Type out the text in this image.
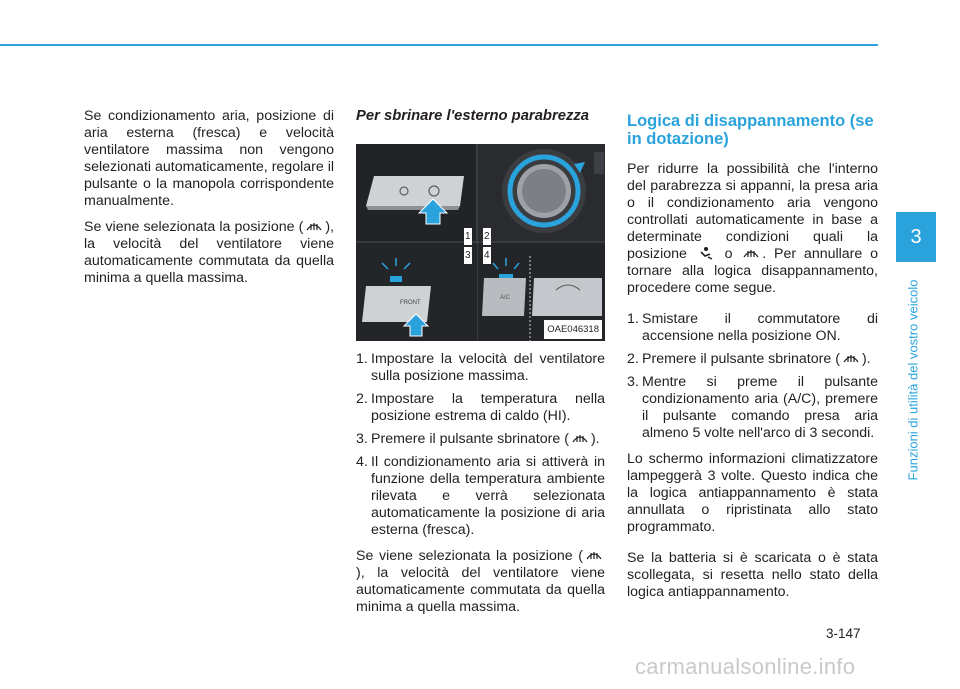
Se condizionamento aria, posizione di aria esterna (fresca) e velocità ventilatore massima non vengono selezionati automaticamente, regolare il pulsante o la manopola corrispondente manualmente.

Se viene selezionata la posizione ( ), la velocità del ventilatore viene automaticamente commutata da quella minima a quella massima.

Per sbrinare l'esterno parabrezza
FRONT
A/C
1 2
3 4
OAE046318
1. Impostare la velocità del ventilatore sulla posizione massima.
2. Impostare la temperatura nella posizione estrema di caldo (HI).
3. Premere il pulsante sbrinatore ( ).
4. Il condizionamento aria si attiverà in funzione della temperatura ambiente rilevata e verrà selezionata automaticamente la posizione di aria esterna (fresca).

Se viene selezionata la posizione (), la velocità del ventilatore viene automaticamente commutata da quella minima a quella massima.

Logica di disappannamento (se in dotazione)

Per ridurre la possibilità che l'interno del parabrezza si appanni, la presa aria o il condizionamento aria vengono controllati automaticamente in base a determinate condizioni quali la posizione  o . Per annullare o tornare alla logica disappannamento, procedere come segue.

1. Smistare il commutatore di accensione nella posizione ON.
2. Premere il pulsante sbrinatore ( ).
3. Mentre si preme il pulsante condizionamento aria (A/C), premere il pulsante comando presa aria almeno 5 volte nell'arco di 3 secondi.

Lo schermo informazioni climatizzatore lampeggerà 3 volte. Questo indica che la logica antiappannamento è stata annullata o ripristinata allo stato programmato.

Se la batteria si è scaricata o è stata scollegata, si resetta nello stato della logica antiappannamento.

3
Funzioni di utilità del vostro veicolo
3-147
carmanualsonline.info
